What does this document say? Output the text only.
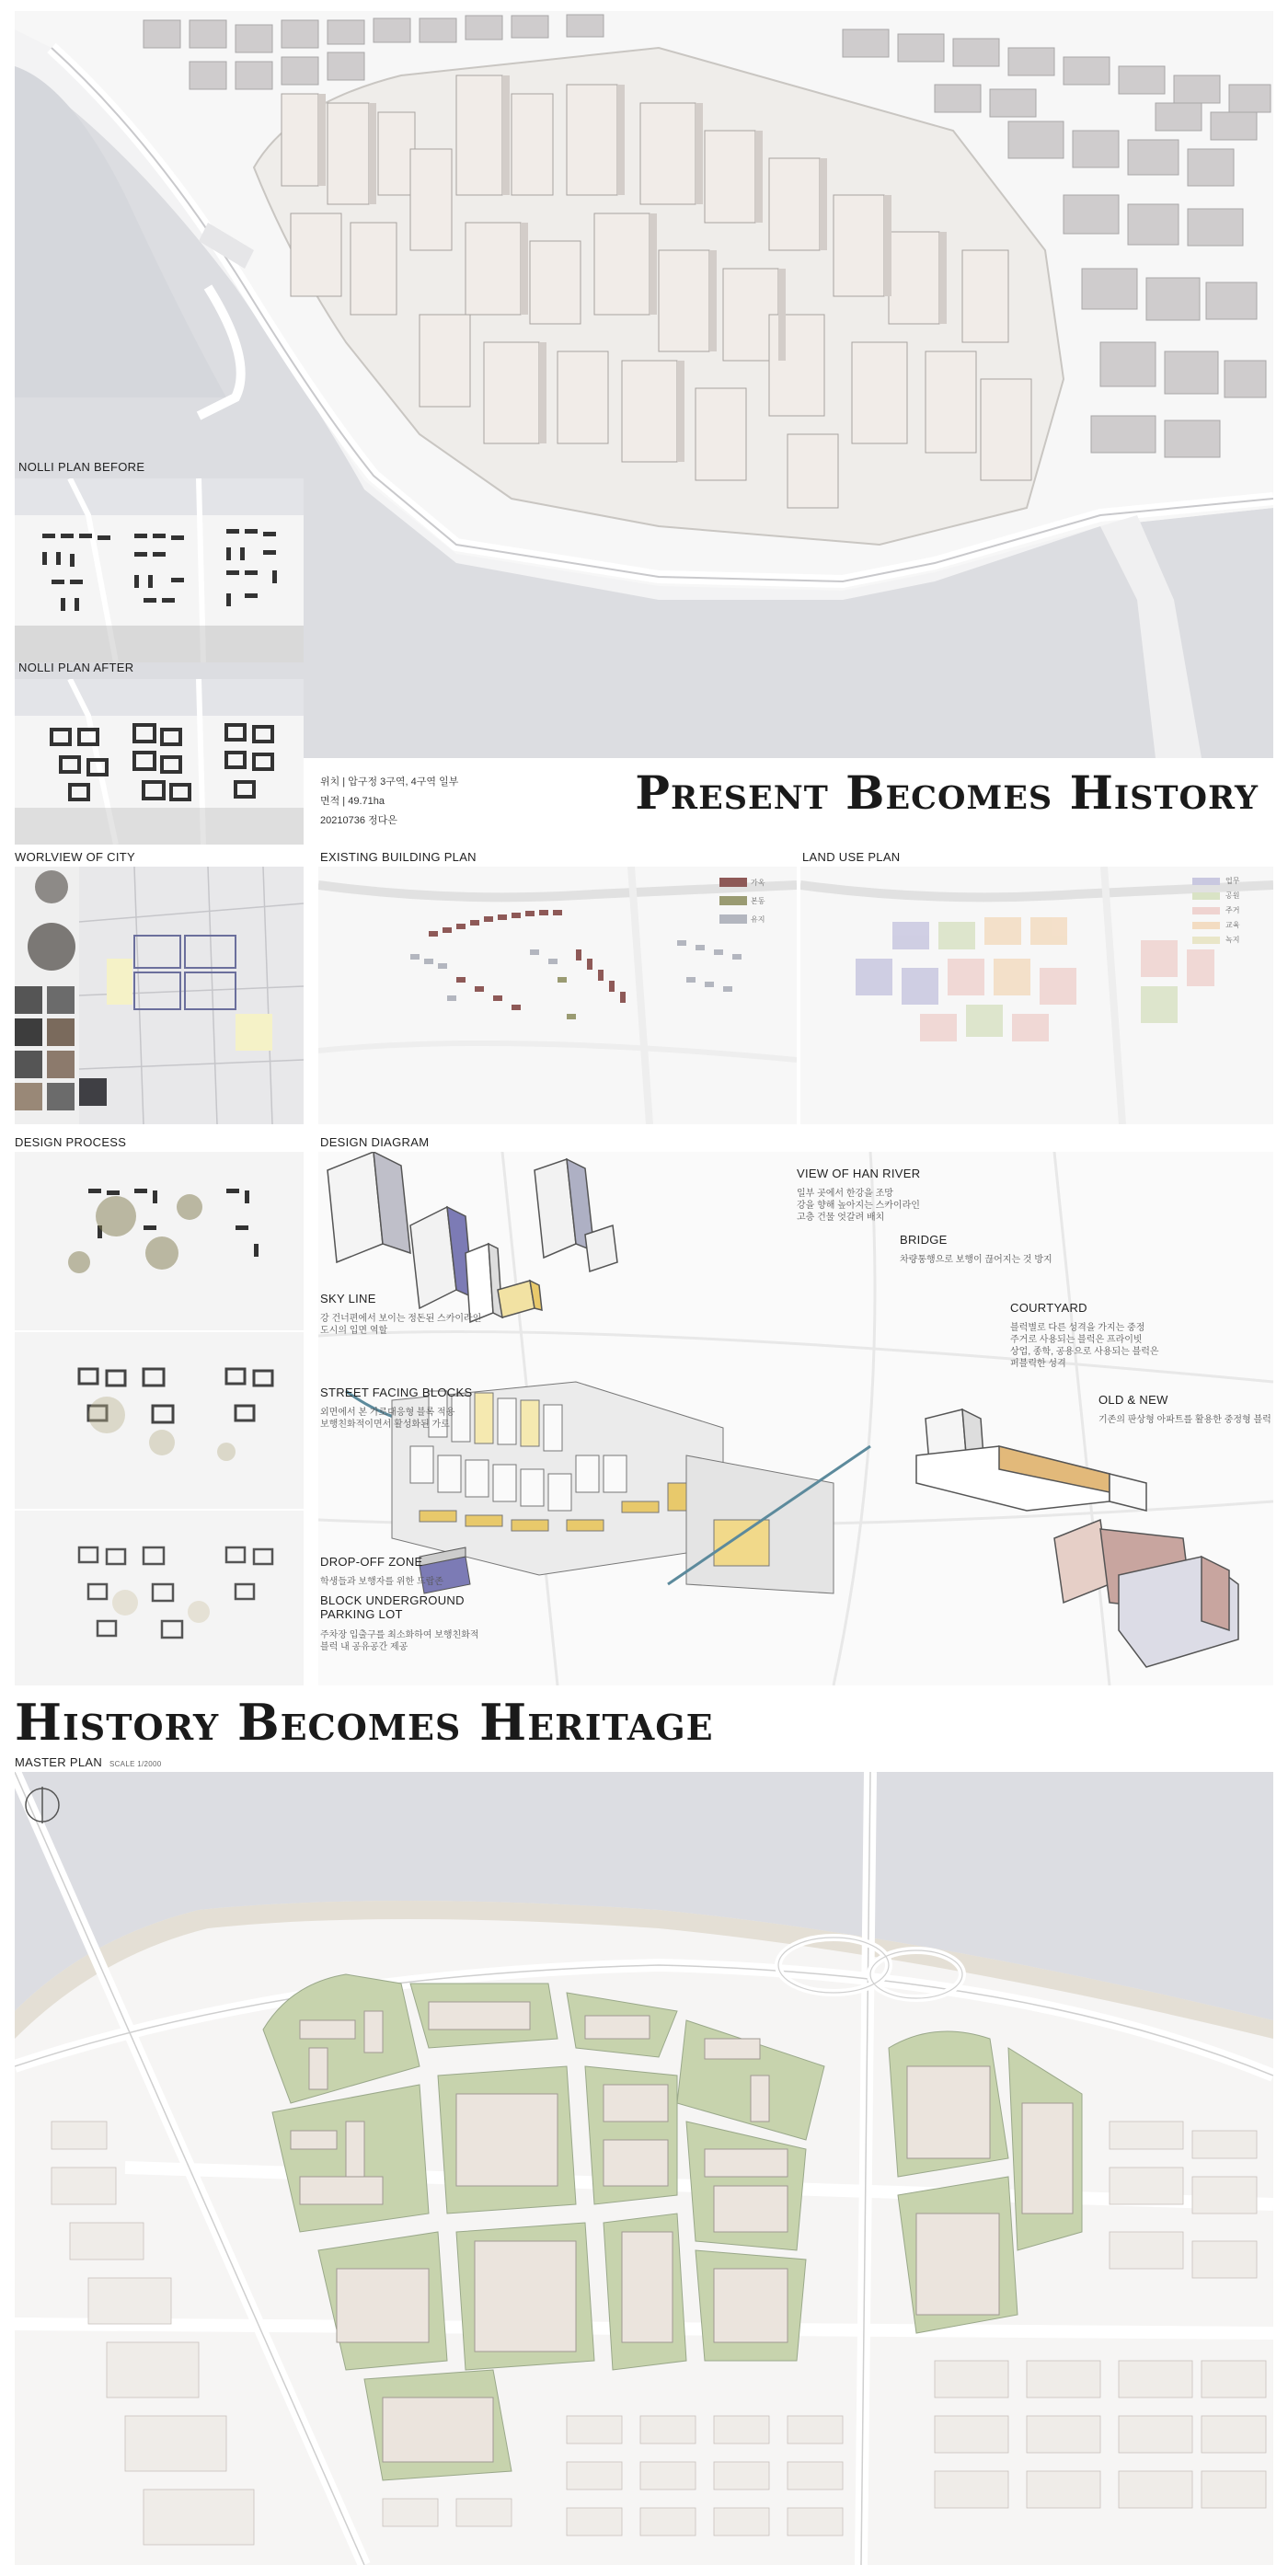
NOLLI PLAN BEFORE
NOLLI PLAN AFTER
위치 | 압구정 3구역, 4구역 일부
면적 | 49.71ha
20210736 정다은
Present Becomes History
WORLVIEW OF CITY	EXISTING BUILDING PLAN
가옥
본동
유지
LAND USE PLAN
업무
공원
주거
교육
녹지
DESIGN PROCESS	DESIGN DIAGRAM
VIEW OF HAN RIVER
일부 곳에서 한강을 조망
강을 향해 높아지는 스카이라인
고층 건물 엇갈려 배치
BRIDGE
차량통행으로 보행이 끊어지는 것 방지
SKY LINE
강 건너편에서 보이는 정돈된 스카이라인
도시의 입면 역할
COURTYARD
블럭별로 다른 성격을 가지는 중정
주거로 사용되는 블럭은 프라이빗
상업, 종학, 공용으로 사용되는 블럭은
퍼블릭한 성격
STREET FACING BLOCKS
외면에서 본 가로대응형 블록 적용
보행친화적이면서 활성화된 가로
OLD & NEW
기존의 판상형 아파트를 활용한 중정형 블럭
DROP-OFF ZONE
학생들과 보행자를 위한 드랍존
BLOCK UNDERGROUND PARKING LOT
주차장 입출구를 최소화하여 보행친화적
블럭 내 공유공간 제공
History Becomes Heritage
MASTER PLAN SCALE 1/2000
